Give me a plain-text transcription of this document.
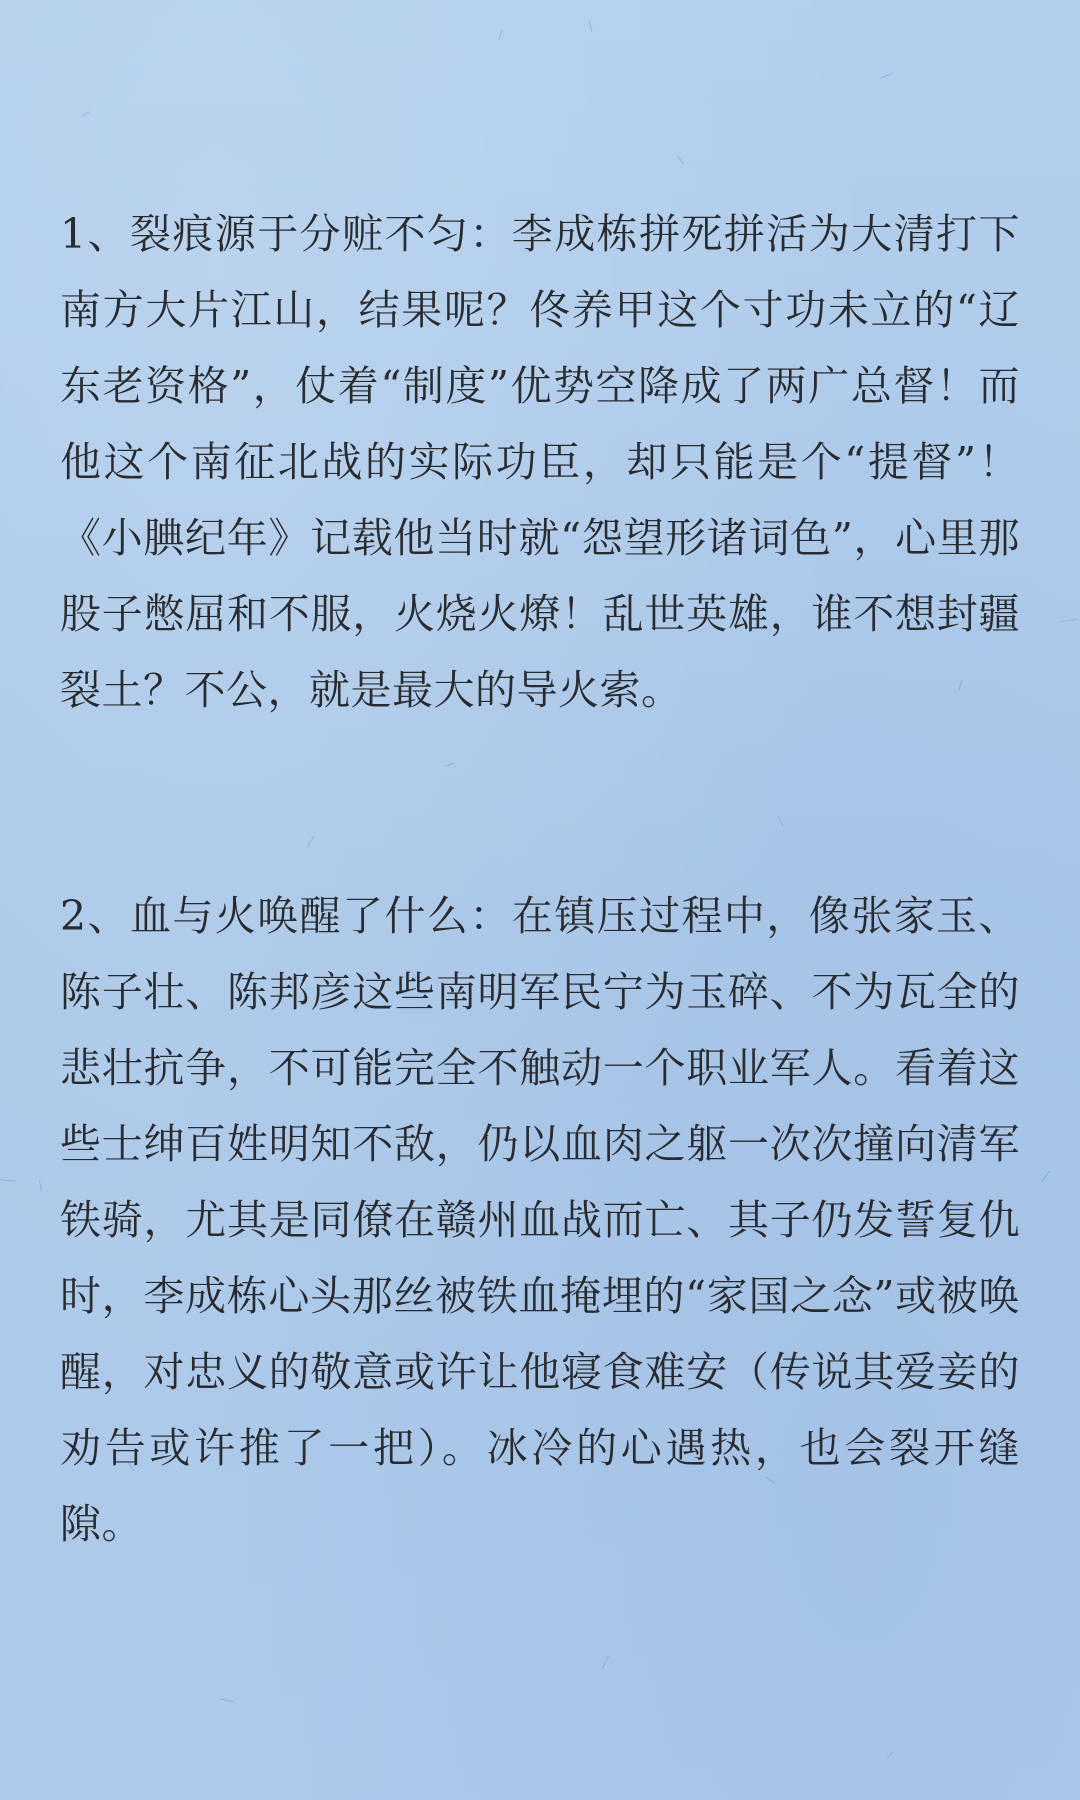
1、裂痕源于分赃不匀：李成栋拼死拼活为大清打下南方大片江山，结果呢？佟养甲这个寸功未立的“辽东老资格”，仗着“制度”优势空降成了两广总督！而他这个南征北战的实际功臣，却只能是个“提督”！《小腆纪年》记载他当时就“怨望形诸词色”，心里那股子憋屈和不服，火烧火燎！乱世英雄，谁不想封疆裂土？不公，就是最大的导火索。

2、血与火唤醒了什么：在镇压过程中，像张家玉、陈子壮、陈邦彦这些南明军民宁为玉碎、不为瓦全的悲壮抗争，不可能完全不触动一个职业军人。看着这些士绅百姓明知不敌，仍以血肉之躯一次次撞向清军铁骑，尤其是同僚在赣州血战而亡、其子仍发誓复仇时，李成栋心头那丝被铁血掩埋的“家国之念”或被唤醒，对忠义的敬意或许让他寝食难安（传说其爱妾的劝告或许推了一把）。冰冷的心遇热，也会裂开缝隙。
